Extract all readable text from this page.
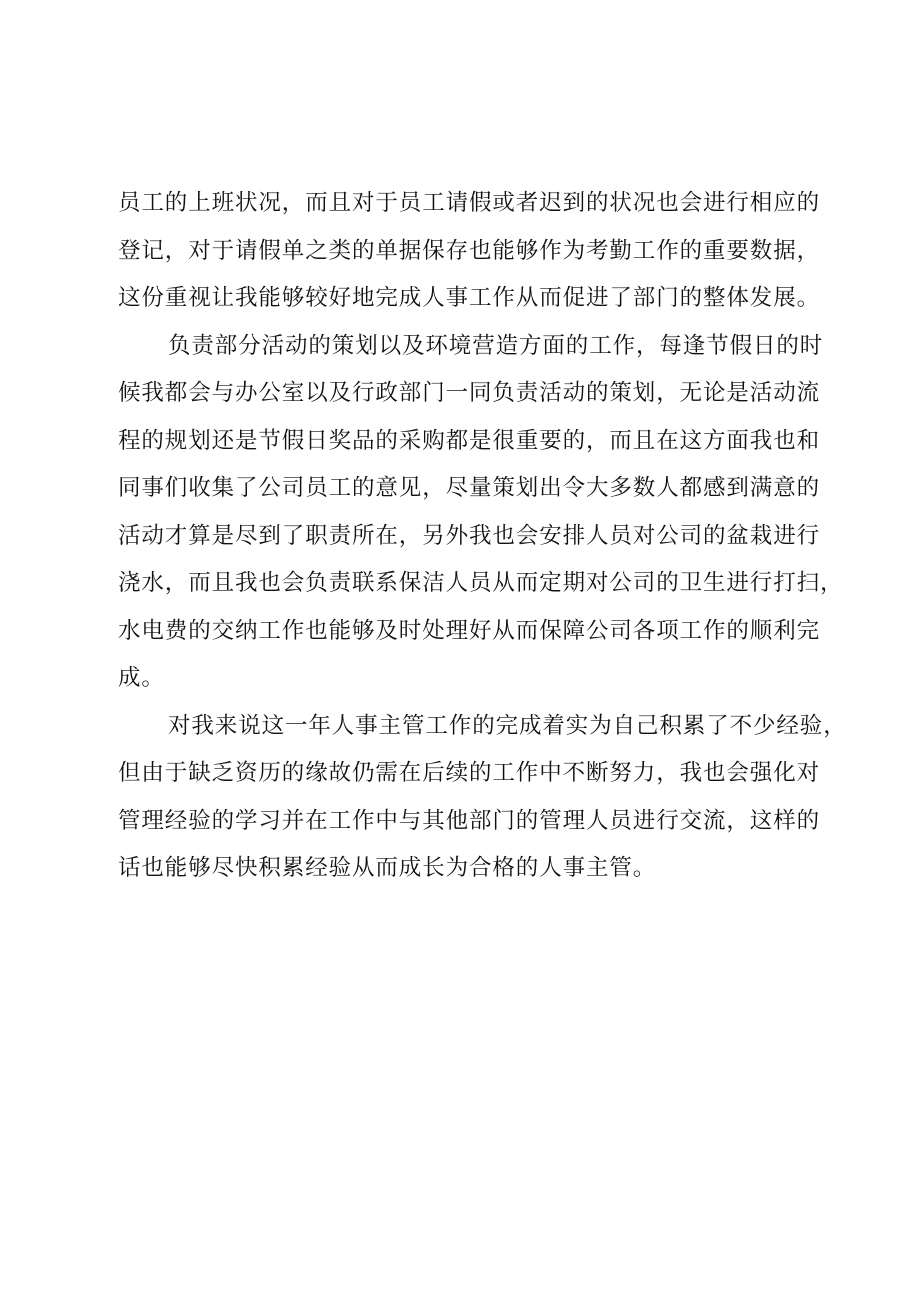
员工的上班状况，而且对于员工请假或者迟到的状况也会进行相应的
登记，对于请假单之类的单据保存也能够作为考勤工作的重要数据，
这份重视让我能够较好地完成人事工作从而促进了部门的整体发展。
负责部分活动的策划以及环境营造方面的工作，每逢节假日的时
候我都会与办公室以及行政部门一同负责活动的策划，无论是活动流
程的规划还是节假日奖品的采购都是很重要的，而且在这方面我也和
同事们收集了公司员工的意见，尽量策划出令大多数人都感到满意的
活动才算是尽到了职责所在，另外我也会安排人员对公司的盆栽进行
浇水，而且我也会负责联系保洁人员从而定期对公司的卫生进行打扫，
水电费的交纳工作也能够及时处理好从而保障公司各项工作的顺利完
成。
对我来说这一年人事主管工作的完成着实为自己积累了不少经验，
但由于缺乏资历的缘故仍需在后续的工作中不断努力，我也会强化对
管理经验的学习并在工作中与其他部门的管理人员进行交流，这样的
话也能够尽快积累经验从而成长为合格的人事主管。
